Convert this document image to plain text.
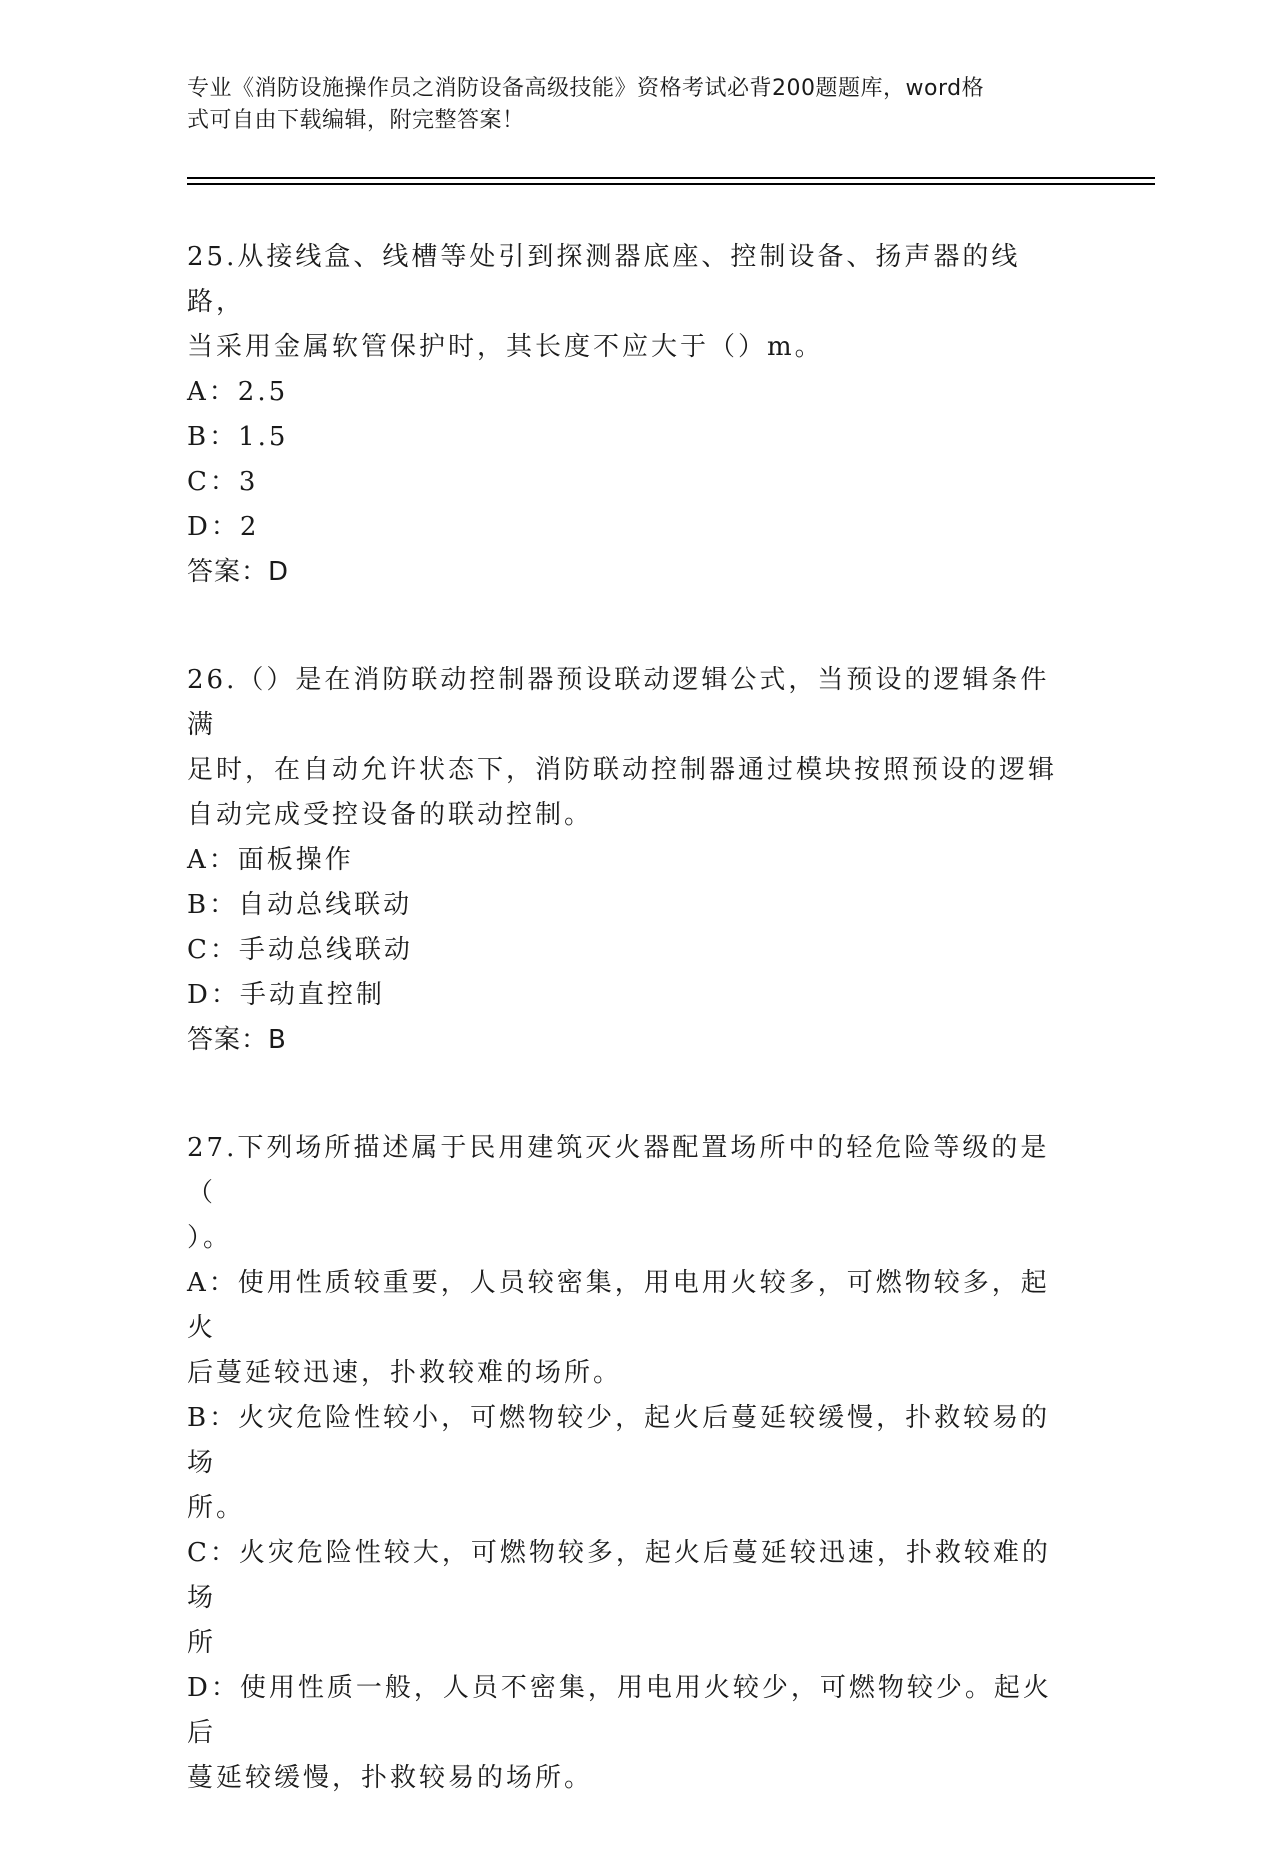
专业《消防设施操作员之消防设备高级技能》资格考试必背200题题库，word格
式可自由下载编辑，附完整答案！
25.从接线盒、线槽等处引到探测器底座、控制设备、扬声器的线路，
当采用金属软管保护时，其长度不应大于（）m。
A：2.5
B：1.5
C：3
D：2
答案：D
26.（）是在消防联动控制器预设联动逻辑公式，当预设的逻辑条件满
足时，在自动允许状态下，消防联动控制器通过模块按照预设的逻辑
自动完成受控设备的联动控制。
A：面板操作
B：自动总线联动
C：手动总线联动
D：手动直控制
答案：B
27.下列场所描述属于民用建筑灭火器配置场所中的轻危险等级的是（
）。
A：使用性质较重要，人员较密集，用电用火较多，可燃物较多，起火
后蔓延较迅速，扑救较难的场所。
B：火灾危险性较小，可燃物较少，起火后蔓延较缓慢，扑救较易的场
所。
C：火灾危险性较大，可燃物较多，起火后蔓延较迅速，扑救较难的场
所
D：使用性质一般，人员不密集，用电用火较少，可燃物较少。起火后
蔓延较缓慢，扑救较易的场所。
